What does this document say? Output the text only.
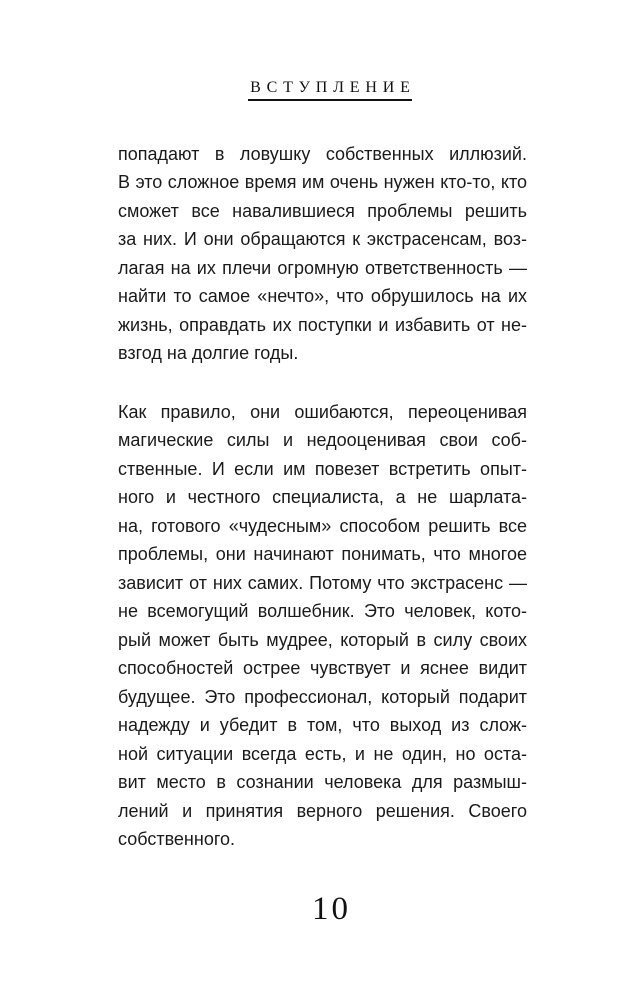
ВСТУПЛЕНИЕ
попадают в ловушку собственных иллюзий.
В это сложное время им очень нужен кто-то, кто
сможет все навалившиеся проблемы решить
за них. И они обращаются к экстрасенсам, воз-
лагая на их плечи огромную ответственность —
найти то самое «нечто», что обрушилось на их
жизнь, оправдать их поступки и избавить от не-
взгод на долгие годы.
Как правило, они ошибаются, переоценивая
магические силы и недооценивая свои соб-
ственные. И если им повезет встретить опыт-
ного и честного специалиста, а не шарлата-
на, готового «чудесным» способом решить все
проблемы, они начинают понимать, что многое
зависит от них самих. Потому что экстрасенс —
не всемогущий волшебник. Это человек, кото-
рый может быть мудрее, который в силу своих
способностей острее чувствует и яснее видит
будущее. Это профессионал, который подарит
надежду и убедит в том, что выход из слож-
ной ситуации всегда есть, и не один, но оста-
вит место в сознании человека для размыш-
лений и принятия верного решения. Своего
собственного.
10
